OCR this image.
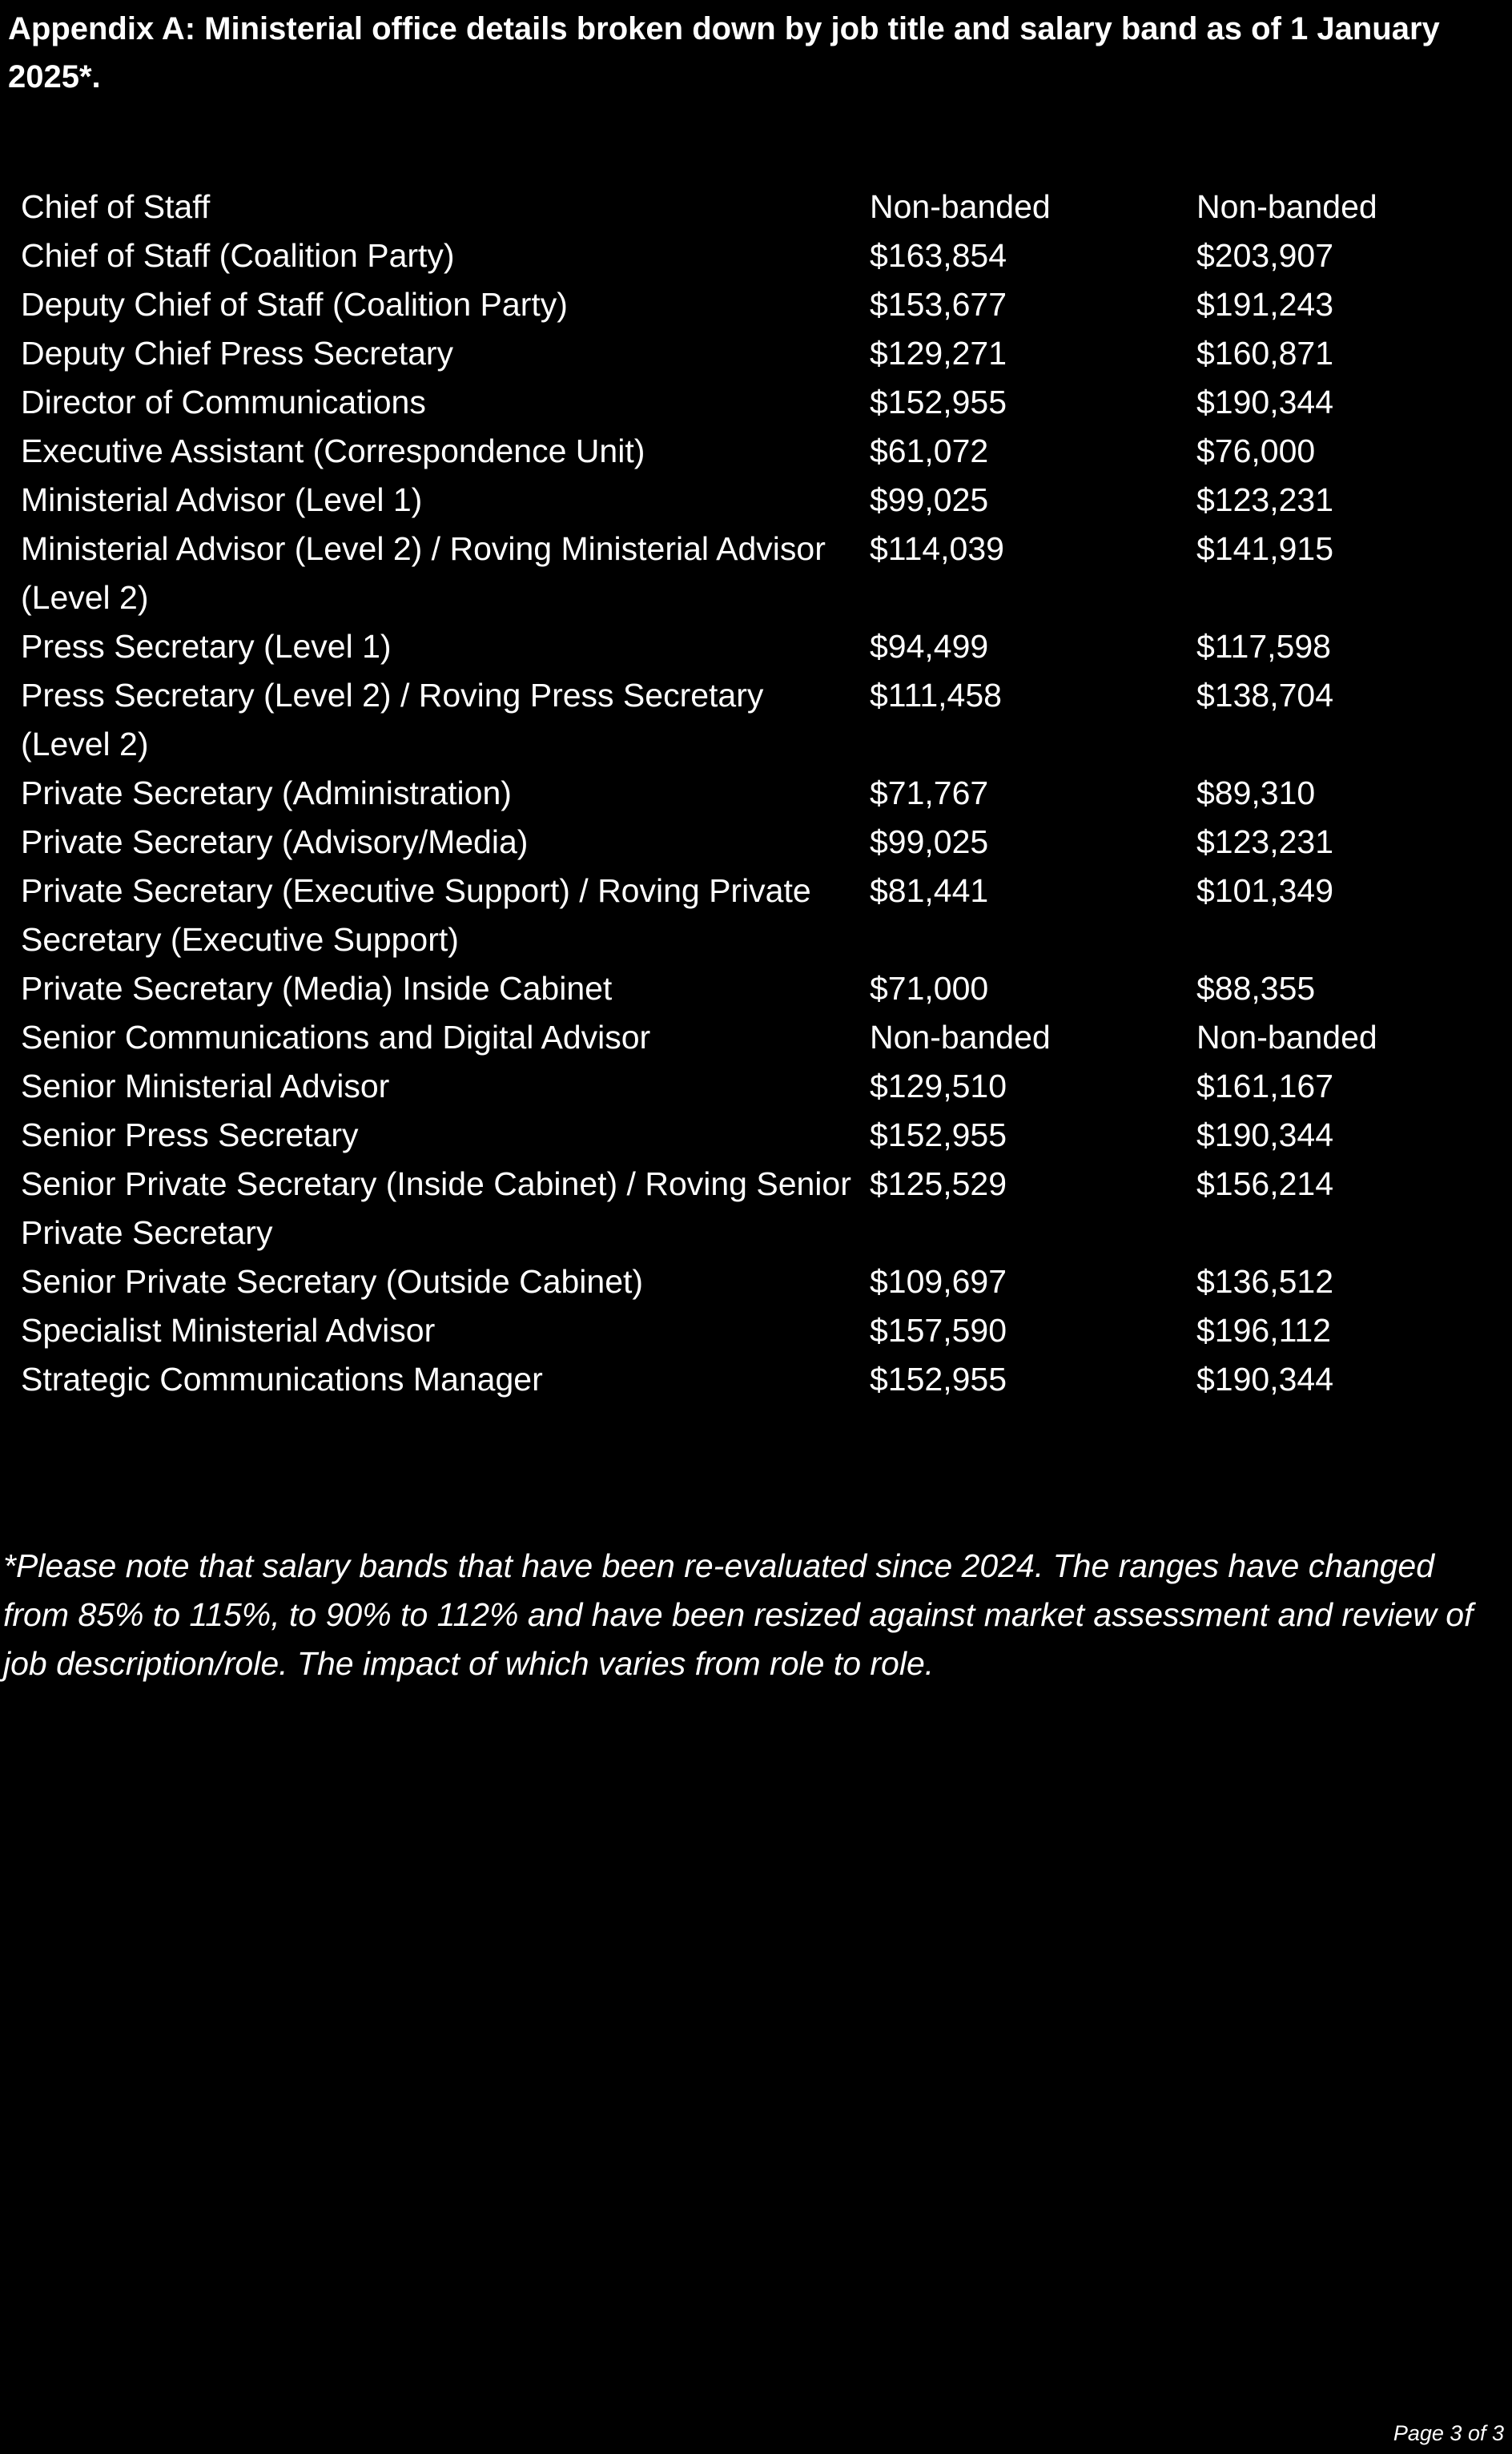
Appendix A: Ministerial office details broken down by job title and salary band as of 1 January 2025*.
Chief of Staff	Non-banded	Non-banded
Chief of Staff (Coalition Party)	$163,854	$203,907
Deputy Chief of Staff (Coalition Party)	$153,677	$191,243
Deputy Chief Press Secretary	$129,271	$160,871
Director of Communications	$152,955	$190,344
Executive Assistant (Correspondence Unit)	$61,072	$76,000
Ministerial Advisor (Level 1)	$99,025	$123,231
Ministerial Advisor (Level 2) / Roving Ministerial Advisor (Level 2)	$114,039	$141,915
Press Secretary (Level 1)	$94,499	$117,598
Press Secretary (Level 2) / Roving Press Secretary (Level 2)	$111,458	$138,704
Private Secretary (Administration)	$71,767	$89,310
Private Secretary (Advisory/Media)	$99,025	$123,231
Private Secretary (Executive Support) / Roving Private Secretary (Executive Support)	$81,441	$101,349
Private Secretary (Media) Inside Cabinet	$71,000	$88,355
Senior Communications and Digital Advisor	Non-banded	Non-banded
Senior Ministerial Advisor	$129,510	$161,167
Senior Press Secretary	$152,955	$190,344
Senior Private Secretary (Inside Cabinet) / Roving Senior Private Secretary	$125,529	$156,214
Senior Private Secretary (Outside Cabinet)	$109,697	$136,512
Specialist Ministerial Advisor	$157,590	$196,112
Strategic Communications Manager	$152,955	$190,344

*Please note that salary bands that have been re-evaluated since 2024. The ranges have changed from 85% to 115%, to 90% to 112% and have been resized against market assessment and review of job description/role. The impact of which varies from role to role.

Page 3 of 3
